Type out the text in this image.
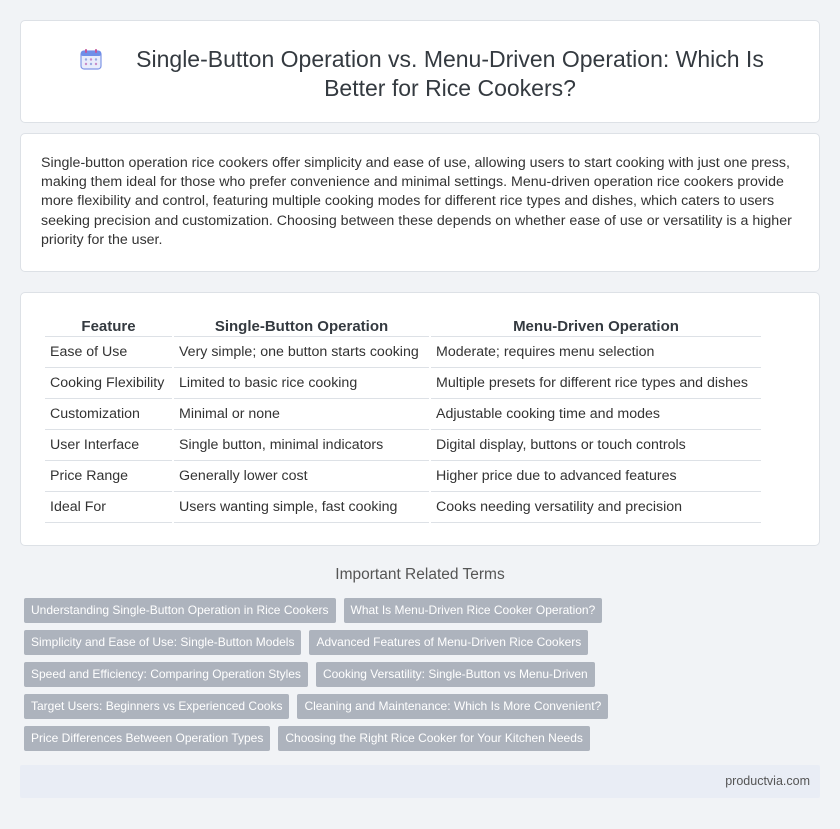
Single-Button Operation vs. Menu-Driven Operation: Which Is Better for Rice Cookers?

Single-button operation rice cookers offer simplicity and ease of use, allowing users to start cooking with just one press, making them ideal for those who prefer convenience and minimal settings. Menu-driven operation rice cookers provide more flexibility and control, featuring multiple cooking modes for different rice types and dishes, which caters to users seeking precision and customization. Choosing between these depends on whether ease of use or versatility is a higher priority for the user.

Feature	Single-Button Operation	Menu-Driven Operation
Ease of Use	Very simple; one button starts cooking	Moderate; requires menu selection
Cooking Flexibility	Limited to basic rice cooking	Multiple presets for different rice types and dishes
Customization	Minimal or none	Adjustable cooking time and modes
User Interface	Single button, minimal indicators	Digital display, buttons or touch controls
Price Range	Generally lower cost	Higher price due to advanced features
Ideal For	Users wanting simple, fast cooking	Cooks needing versatility and precision
Important Related Terms
Understanding Single-Button Operation in Rice Cookers	What Is Menu-Driven Rice Cooker Operation?
Simplicity and Ease of Use: Single-Button Models	Advanced Features of Menu-Driven Rice Cookers
Speed and Efficiency: Comparing Operation Styles	Cooking Versatility: Single-Button vs Menu-Driven
Target Users: Beginners vs Experienced Cooks	Cleaning and Maintenance: Which Is More Convenient?
Price Differences Between Operation Types	Choosing the Right Rice Cooker for Your Kitchen Needs
productvia.com
